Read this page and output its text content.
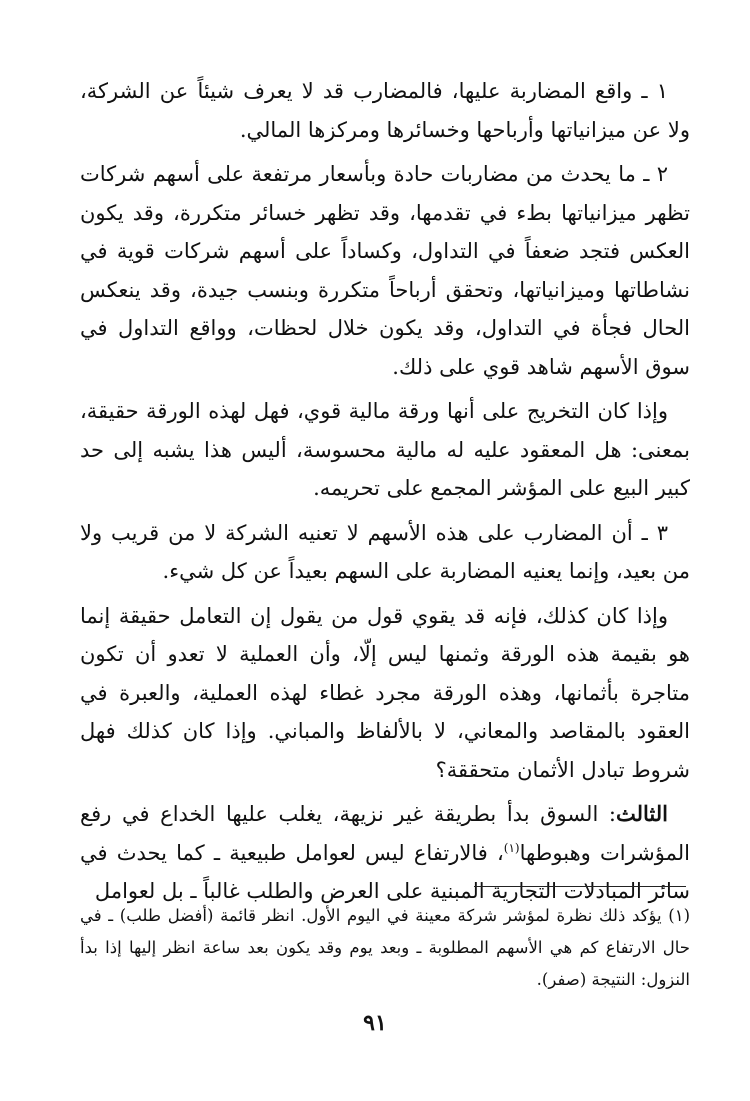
١ ـ واقع المضاربة عليها، فالمضارب قد لا يعرف شيئاً عن الشركة، ولا عن ميزانياتها وأرباحها وخسائرها ومركزها المالي.

٢ ـ ما يحدث من مضاربات حادة وبأسعار مرتفعة على أسهم شركات تظهر ميزانياتها بطء في تقدمها، وقد تظهر خسائر متكررة، وقد يكون العكس فتجد ضعفاً في التداول، وكساداً على أسهم شركات قوية في نشاطاتها وميزانياتها، وتحقق أرباحاً متكررة وبنسب جيدة، وقد ينعكس الحال فجأة في التداول، وقد يكون خلال لحظات، وواقع التداول في سوق الأسهم شاهد قوي على ذلك.

وإذا كان التخريج على أنها ورقة مالية قوي، فهل لهذه الورقة حقيقة، بمعنى: هل المعقود عليه له مالية محسوسة، أليس هذا يشبه إلى حد كبير البيع على المؤشر المجمع على تحريمه.

٣ ـ أن المضارب على هذه الأسهم لا تعنيه الشركة لا من قريب ولا من بعيد، وإنما يعنيه المضاربة على السهم بعيداً عن كل شيء.

وإذا كان كذلك، فإنه قد يقوي قول من يقول إن التعامل حقيقة إنما هو بقيمة هذه الورقة وثمنها ليس إلّا، وأن العملية لا تعدو أن تكون متاجرة بأثمانها، وهذه الورقة مجرد غطاء لهذه العملية، والعبرة في العقود بالمقاصد والمعاني، لا بالألفاظ والمباني. وإذا كان كذلك فهل شروط تبادل الأثمان متحققة؟

الثالث: السوق بدأ بطريقة غير نزيهة، يغلب عليها الخداع في رفع المؤشرات وهبوطها$^{(١)}$، فالارتفاع ليس لعوامل طبيعية ـ كما يحدث في سائر المبادلات التجارية المبنية على العرض والطلب غالباً ـ بل لعوامل

(١) يؤكد ذلك نظرة لمؤشر شركة معينة في اليوم الأول. انظر قائمة (أفضل طلب) ـ في حال الارتفاع كم هي الأسهم المطلوبة ـ وبعد يوم وقد يكون بعد ساعة انظر إليها إذا بدأ النزول: النتيجة (صفر).

٩١
